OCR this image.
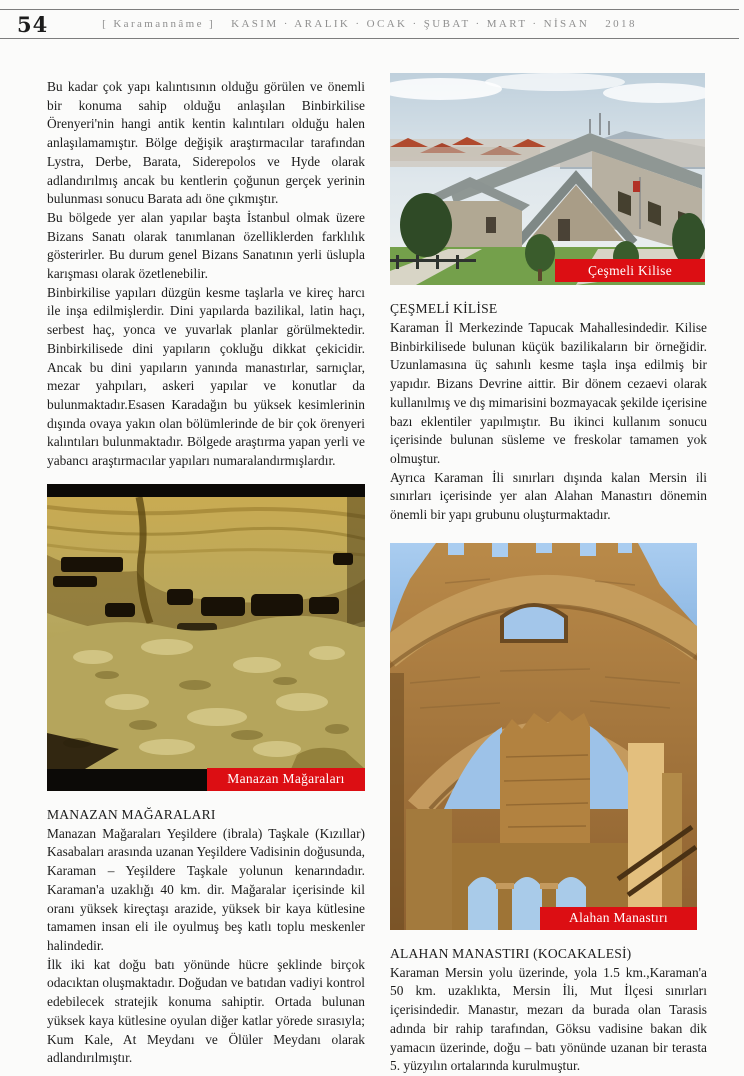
54	[ Karamannâme ] KASIM · ARALIK · OCAK · ŞUBAT · MART · NİSAN 2018

Bu kadar çok yapı kalıntısının olduğu görülen ve önemli bir konuma sahip olduğu anlaşılan Binbirkilise Örenyeri'nin hangi antik kentin kalıntıları olduğu halen anlaşılamamıştır. Bölge değişik araştırmacılar tarafından Lystra, Derbe, Barata, Siderepolos ve Hyde olarak adlandırılmış ancak bu kentlerin çoğunun gerçek yerinin bulunması sonucu Barata adı öne çıkmıştır.

Bu bölgede yer alan yapılar başta İstanbul olmak üzere Bizans Sanatı olarak tanımlanan özelliklerden farklılık gösterirler. Bu durum genel Bizans Sanatının yerli üslupla karışması olarak özetlenebilir.

Binbirkilise yapıları düzgün kesme taşlarla ve kireç harcı ile inşa edilmişlerdir. Dini yapılarda bazilikal, latin haçı, serbest haç, yonca ve yuvarlak planlar görülmektedir. Binbirkilisede dini yapıların çokluğu dikkat çekicidir. Ancak bu dini yapıların yanında manastırlar, sarnıçlar, mezar yahpıları, askeri yapılar ve konutlar da bulunmaktadır.Esasen Karadağın bu yüksek kesimlerinin dışında ovaya yakın olan bölümlerinde de bir çok örenyeri kalıntıları bulunmaktadır. Bölgede araştırma yapan yerli ve yabancı araştırmacılar yapıları numaralandırmışlardır.

Manazan Mağaraları
MANAZAN MAĞARALARI

Manazan Mağaraları Yeşildere (ibrala) Taşkale (Kızıllar) Kasabaları arasında uzanan Yeşildere Vadisinin doğusunda, Karaman – Yeşildere Taşkale yolunun kenarındadır. Karaman'a uzaklığı 40 km. dir. Mağaralar içerisinde kil oranı yüksek kireçtaşı arazide, yüksek bir kaya kütlesine tamamen insan eli ile oyulmuş beş katlı toplu meskenler halindedir.

İlk iki kat doğu batı yönünde hücre şeklinde birçok odacıktan oluşmaktadır. Doğudan ve batıdan vadiyi kontrol edebilecek stratejik konuma sahiptir. Ortada bulunan yüksek kaya kütlesine oyulan diğer katlar yörede sırasıyla; Kum Kale, At Meydanı ve Ölüler Meydanı olarak adlandırılmıştır.

Çeşmeli Kilise
ÇEŞMELİ KİLİSE

Karaman İl Merkezinde Tapucak Mahallesindedir. Kilise Binbirkilisede bulunan küçük bazilikaların bir örneğidir. Uzunlamasına üç sahınlı kesme taşla inşa edilmiş bir yapıdır. Bizans Devrine aittir. Bir dönem cezaevi olarak kullanılmış ve dış mimarisini bozmayacak şekilde içerisine bazı eklentiler yapılmıştır. Bu ikinci kullanım sonucu içerisinde bulunan süsleme ve freskolar tamamen yok olmuştur.

Ayrıca Karaman İli sınırları dışında kalan Mersin ili sınırları içerisinde yer alan Alahan Manastırı dönemin önemli bir yapı grubunu oluşturmaktadır.

Alahan Manastırı
ALAHAN MANASTIRI (KOCAKALESİ)

Karaman Mersin yolu üzerinde, yola 1.5 km.,Karaman'a 50 km. uzaklıkta, Mersin İli, Mut İlçesi sınırları içerisindedir. Manastır, mezarı da burada olan Tarasis adında bir rahip tarafından, Göksu vadisine bakan dik yamacın üzerinde, doğu – batı yönünde uzanan bir terasta 5. yüzyılın ortalarında kurulmuştur.
